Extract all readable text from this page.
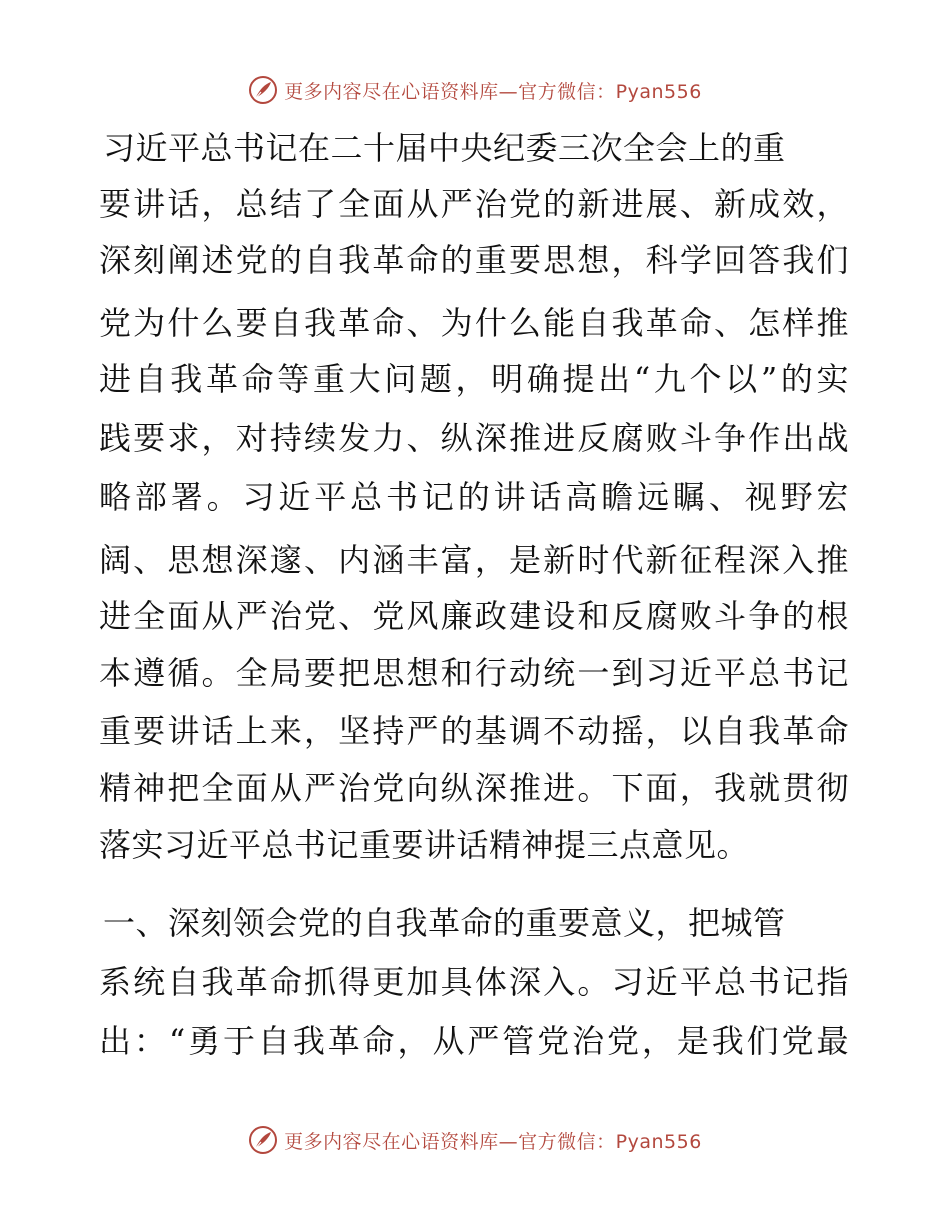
更多内容尽在心语资料库—官方微信：Pyan556
习近平总书记在二十届中央纪委三次全会上的重
要讲话，总结了全面从严治党的新进展、新成效，
深刻阐述党的自我革命的重要思想，科学回答我们
党为什么要自我革命、为什么能自我革命、怎样推
进自我革命等重大问题，明确提出“九个以”的实
践要求，对持续发力、纵深推进反腐败斗争作出战
略部署。习近平总书记的讲话高瞻远瞩、视野宏
阔、思想深邃、内涵丰富，是新时代新征程深入推
进全面从严治党、党风廉政建设和反腐败斗争的根
本遵循。全局要把思想和行动统一到习近平总书记
重要讲话上来，坚持严的基调不动摇，以自我革命
精神把全面从严治党向纵深推进。下面，我就贯彻
落实习近平总书记重要讲话精神提三点意见。
一、深刻领会党的自我革命的重要意义，把城管
系统自我革命抓得更加具体深入。习近平总书记指
出：“勇于自我革命，从严管党治党，是我们党最
更多内容尽在心语资料库—官方微信：Pyan556
